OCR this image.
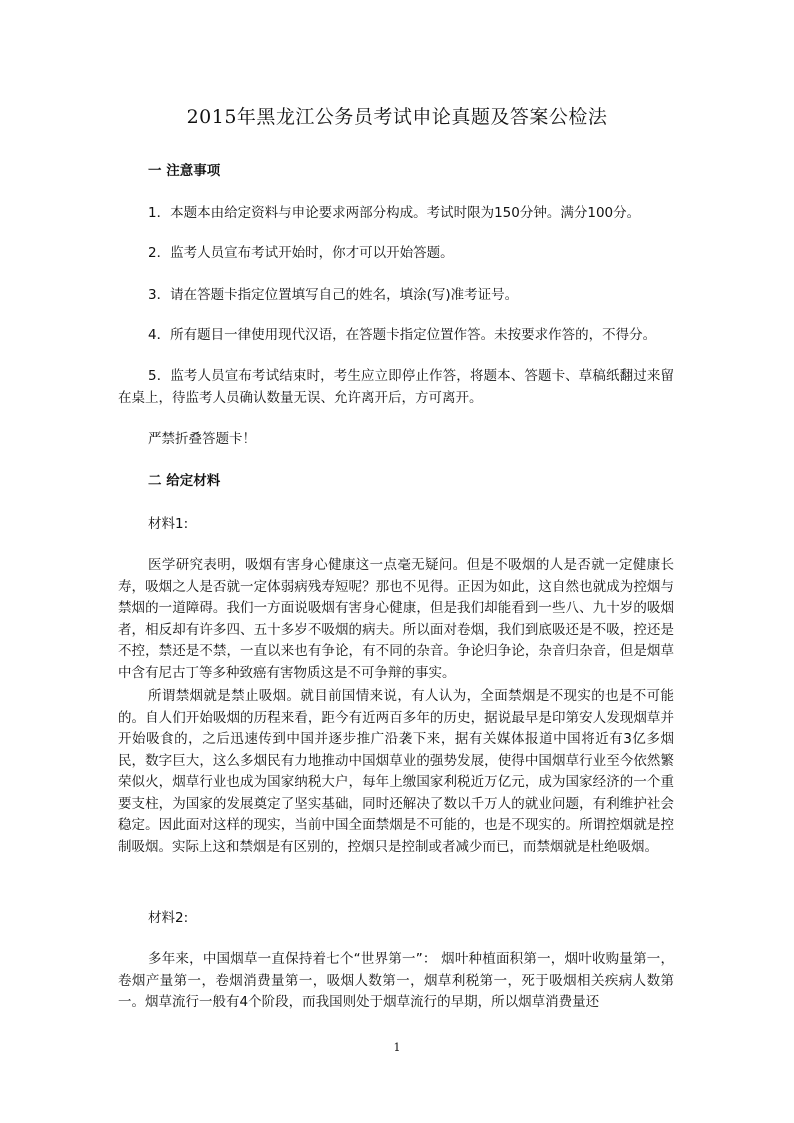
2015年黑龙江公务员考试申论真题及答案公检法

一 注意事项

1．本题本由给定资料与申论要求两部分构成。考试时限为150分钟。满分100分。

2．监考人员宣布考试开始时，你才可以开始答题。

3．请在答题卡指定位置填写自己的姓名，填涂(写)准考证号。

4．所有题目一律使用现代汉语，在答题卡指定位置作答。未按要求作答的，不得分。

5．监考人员宣布考试结束时，考生应立即停止作答，将题本、答题卡、草稿纸翻过来留在桌上，待监考人员确认数量无误、允许离开后，方可离开。

严禁折叠答题卡！

二 给定材料

材料1:

医学研究表明，吸烟有害身心健康这一点毫无疑问。但是不吸烟的人是否就一定健康长寿，吸烟之人是否就一定体弱病残寿短呢？那也不见得。正因为如此，这自然也就成为控烟与禁烟的一道障碍。我们一方面说吸烟有害身心健康，但是我们却能看到一些八、九十岁的吸烟者，相反却有许多四、五十多岁不吸烟的病夫。所以面对卷烟，我们到底吸还是不吸，控还是不控，禁还是不禁，一直以来也有争论，有不同的杂音。争论归争论，杂音归杂音，但是烟草中含有尼古丁等多种致癌有害物质这是不可争辩的事实。

所谓禁烟就是禁止吸烟。就目前国情来说，有人认为，全面禁烟是不现实的也是不可能的。自人们开始吸烟的历程来看，距今有近两百多年的历史，据说最早是印第安人发现烟草并开始吸食的，之后迅速传到中国并逐步推广沿袭下来，据有关媒体报道中国将近有3亿多烟民，数字巨大，这么多烟民有力地推动中国烟草业的强势发展，使得中国烟草行业至今依然繁荣似火，烟草行业也成为国家纳税大户，每年上缴国家利税近万亿元，成为国家经济的一个重要支柱，为国家的发展奠定了坚实基础，同时还解决了数以千万人的就业问题，有利维护社会稳定。因此面对这样的现实，当前中国全面禁烟是不可能的，也是不现实的。所谓控烟就是控制吸烟。实际上这和禁烟是有区别的，控烟只是控制或者减少而已，而禁烟就是杜绝吸烟。

材料2:

多年来，中国烟草一直保持着七个“世界第一”： 烟叶种植面积第一，烟叶收购量第一，卷烟产量第一，卷烟消费量第一，吸烟人数第一，烟草利税第一，死于吸烟相关疾病人数第一。烟草流行一般有4个阶段，而我国则处于烟草流行的早期，所以烟草消费量还

1
